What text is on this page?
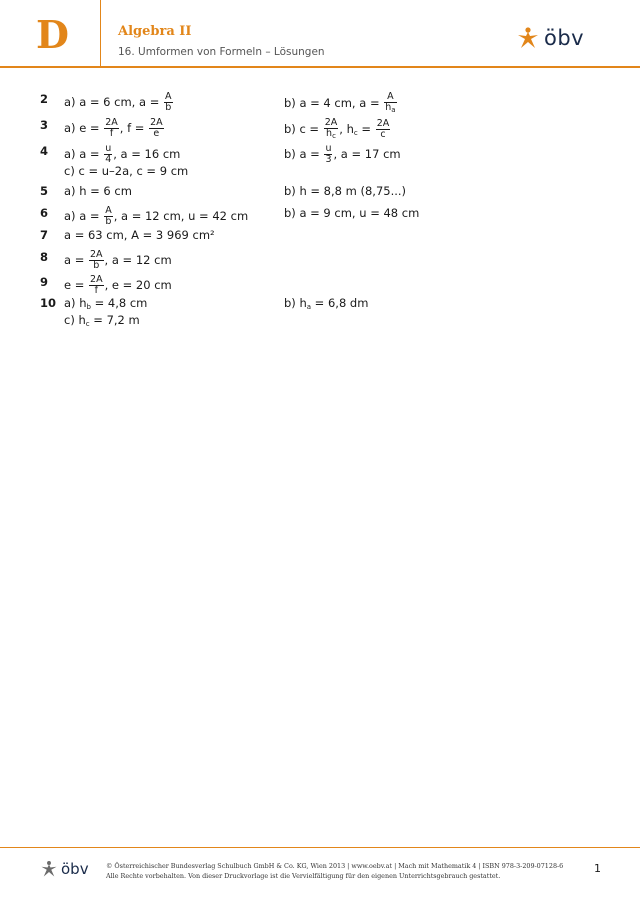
D	Algebra II
16. Umformen von Formeln – Lösungen
öbv
2 a) a = 6 cm, $a = \frac{A}{b}$	b) a = 4 cm, $a = \frac{A}{h_a}$
3 a) $e = \frac{2A}{f}$ , $f = \frac{2A}{e}$	b) $c = \frac{2A}{h_c}$ , $h_c = \frac{2A}{c}$
4 a) $a = \frac{u}{4}$ , a = 16 cm	b) $a = \frac{u}{3}$ , a = 17 cm
c) c = u–2a, c = 9 cm
5 a) h = 6 cm	b) h = 8,8 m (8,75...)
6 a) $a = \frac{A}{b}$ , a = 12 cm, u = 42 cm	b) a = 9 cm, u = 48 cm
7 a = 63 cm, A = 3 969 cm²
8 $a = \frac{2A}{b}$ , a = 12 cm
9 $e = \frac{2A}{f}$ , e = 20 cm
10 a) $h_b = 4,8$ cm	b) $h_a = 6,8$ dm
c) $h_c = 7,2$ m
öbv	© Österreichischer Bundesverlag Schulbuch GmbH & Co. KG, Wien 2013 | www.oebv.at | Mach mit Mathematik 4 | ISBN 978-3-209-07128-6
Alle Rechte vorbehalten. Von dieser Druckvorlage ist die Vervielfältigung für den eigenen Unterrichtsgebrauch gestattet.
1
